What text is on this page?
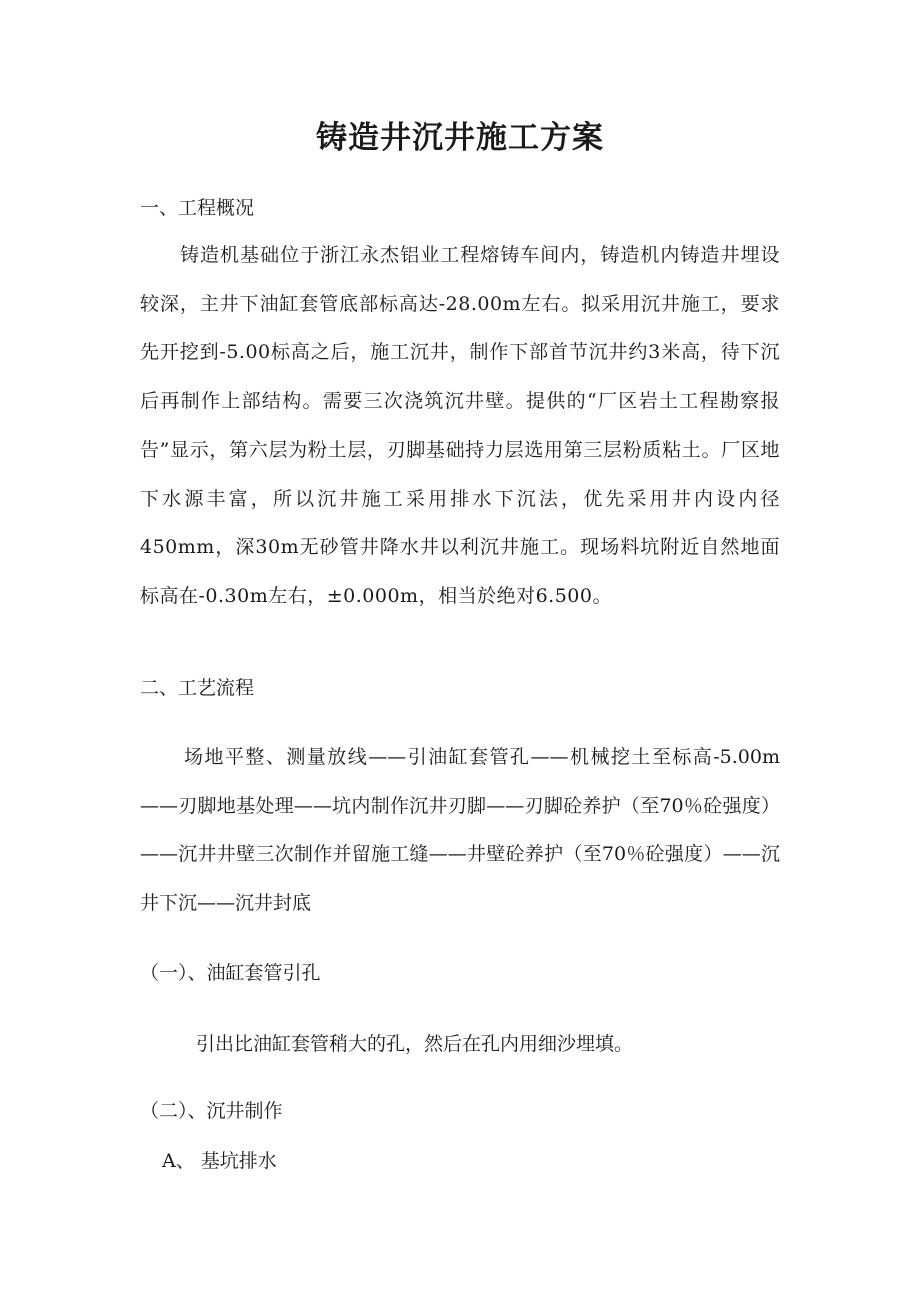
铸造井沉井施工方案
一、工程概况
铸造机基础位于浙江永杰铝业工程熔铸车间内，铸造机内铸造井埋设较深，主井下油缸套管底部标高达-28.00m左右。拟采用沉井施工，要求先开挖到-5.00标高之后，施工沉井，制作下部首节沉井约3米高，待下沉后再制作上部结构。需要三次浇筑沉井壁。提供的“厂区岩土工程勘察报告”显示，第六层为粉土层，刃脚基础持力层选用第三层粉质粘土。厂区地下水源丰富，所以沉井施工采用排水下沉法，优先采用井内设内径450mm，深30m无砂管井降水井以利沉井施工。现场料坑附近自然地面标高在-0.30m左右，±0.000m，相当於绝对6.500。
二、工艺流程
场地平整、测量放线——引油缸套管孔——机械挖土至标高-5.00m——刃脚地基处理——坑内制作沉井刃脚——刃脚砼养护（至70％砼强度）——沉井井壁三次制作并留施工缝——井壁砼养护（至70％砼强度）——沉井下沉——沉井封底
（一）、油缸套管引孔
引出比油缸套管稍大的孔，然后在孔内用细沙埋填。
（二）、沉井制作
A、 基坑排水
